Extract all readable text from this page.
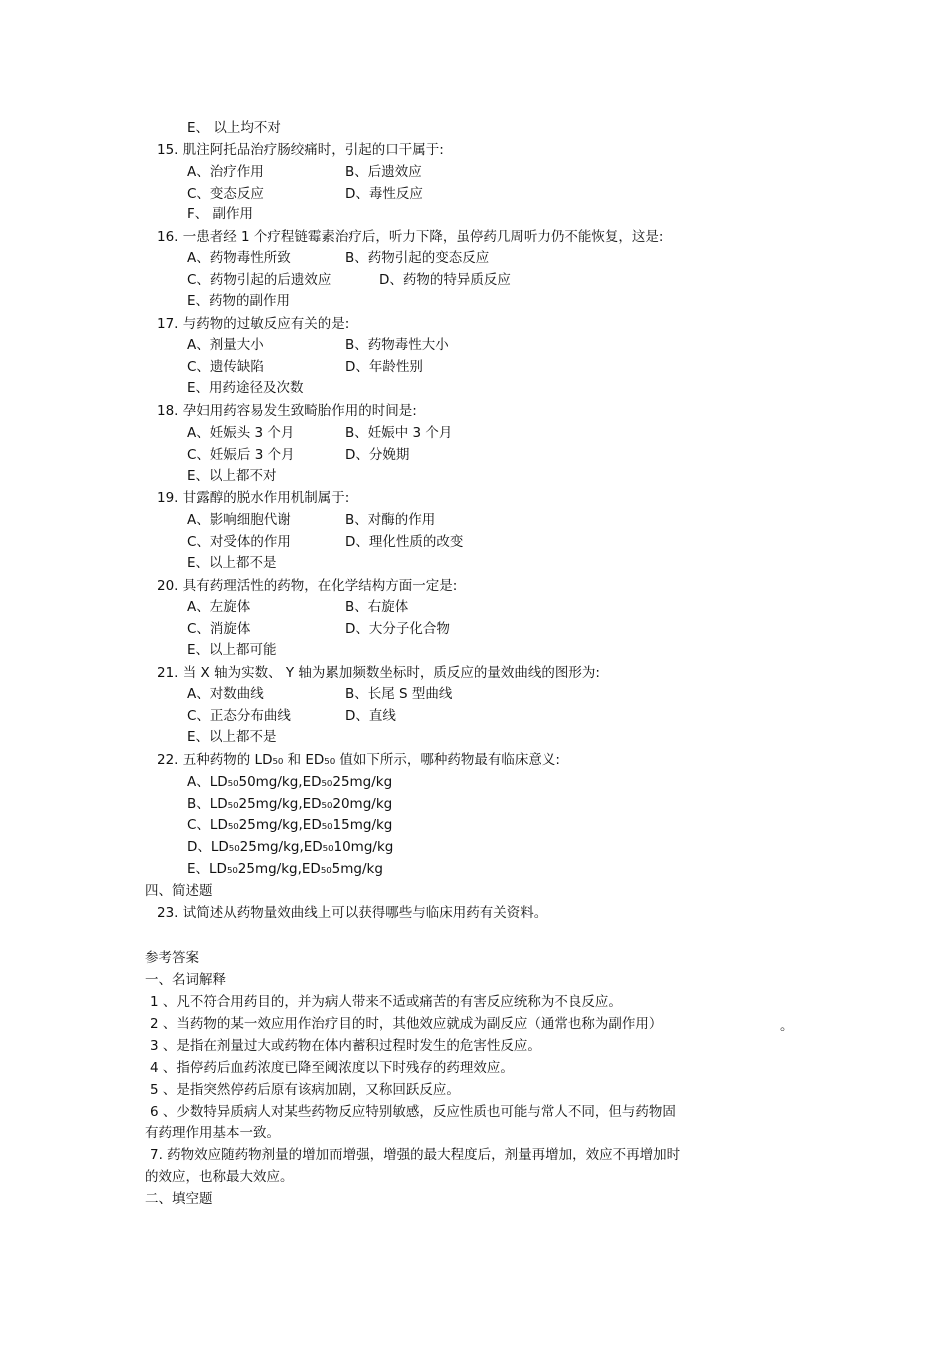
E、 以上均不对
15. 肌注阿托品治疗肠绞痛时，引起的口干属于:
A、治疗作用	B、后遗效应
C、变态反应	D、毒性反应
F、 副作用
16. 一患者经 1 个疗程链霉素治疗后，听力下降，虽停药几周听力仍不能恢复，这是:
A、药物毒性所致	B、药物引起的变态反应
C、药物引起的后遗效应	D、药物的特异质反应
E、药物的副作用
17. 与药物的过敏反应有关的是:
A、剂量大小	B、药物毒性大小
C、遗传缺陷	D、年龄性别
E、用药途径及次数
18. 孕妇用药容易发生致畸胎作用的时间是:
A、妊娠头 3 个月	B、妊娠中 3 个月
C、妊娠后 3 个月	D、分娩期
E、以上都不对
19. 甘露醇的脱水作用机制属于:
A、影响细胞代谢	B、对酶的作用
C、对受体的作用	D、理化性质的改变
E、以上都不是
20. 具有药理活性的药物，在化学结构方面一定是:
A、左旋体	B、右旋体
C、消旋体	D、大分子化合物
E、以上都可能
21. 当 X 轴为实数、 Y 轴为累加频数坐标时，质反应的量效曲线的图形为:
A、对数曲线	B、长尾 S 型曲线
C、正态分布曲线	D、直线
E、以上都不是
22. 五种药物的 LD₅₀ 和 ED₅₀ 值如下所示，哪种药物最有临床意义:
A、LD₅₀50mg/kg,ED₅₀25mg/kg
B、LD₅₀25mg/kg,ED₅₀20mg/kg
C、LD₅₀25mg/kg,ED₅₀15mg/kg
D、LD₅₀25mg/kg,ED₅₀10mg/kg
E、LD₅₀25mg/kg,ED₅₀5mg/kg
四、简述题
23. 试简述从药物量效曲线上可以获得哪些与临床用药有关资料。
参考答案
一、名词解释
1 、凡不符合用药目的，并为病人带来不适或痛苦的有害反应统称为不良反应。
2 、当药物的某一效应用作治疗目的时，其他效应就成为副反应（通常也称为副作用）	。
3 、是指在剂量过大或药物在体内蓄积过程时发生的危害性反应。
4 、指停药后血药浓度已降至阈浓度以下时残存的药理效应。
5 、是指突然停药后原有该病加剧，又称回跃反应。
6 、少数特异质病人对某些药物反应特别敏感，反应性质也可能与常人不同，但与药物固
有药理作用基本一致。
7. 药物效应随药物剂量的增加而增强，增强的最大程度后，剂量再增加，效应不再增加时
的效应，也称最大效应。
二、填空题
